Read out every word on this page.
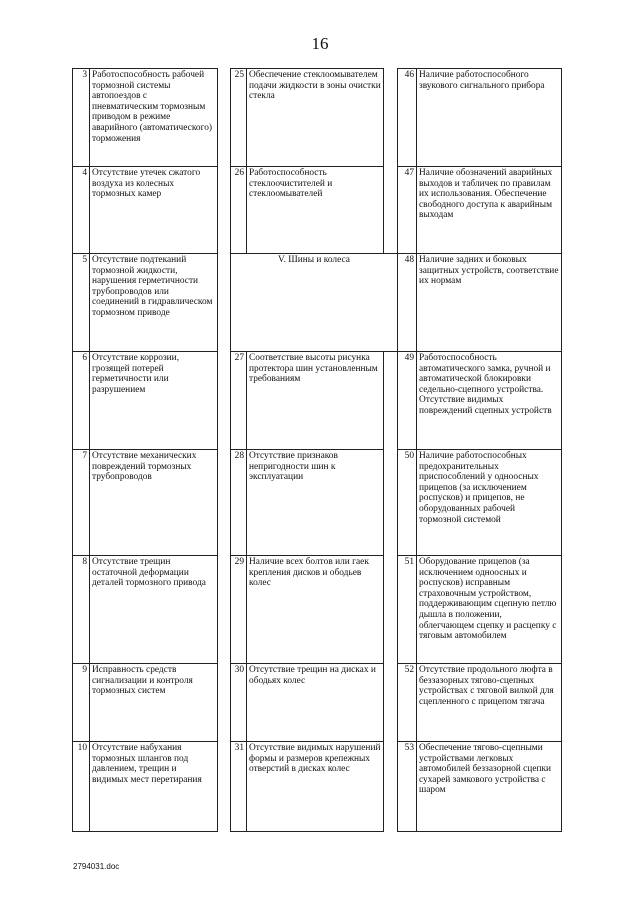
16
3	Работоспособность рабочей тормозной системы автопоездов с пневматическим тормозным приводом в режиме аварийного (автоматического) торможения		25	Обеспечение стеклоомывателем подачи жидкости в зоны очистки стекла		46	Наличие работоспособного звукового сигнального прибора
4	Отсутствие утечек сжатого воздуха из колесных тормозных камер		26	Работоспособность стеклоочистителей и стеклоомывателей		47	Наличие обозначений аварийных выходов и табличек по правилам их использования. Обеспечение свободного доступа к аварийным выходам
5	Отсутствие подтеканий тормозной жидкости, нарушения герметичности трубопроводов или соединений в гидравлическом тормозном приводе		V. Шины и колеса			48	Наличие задних и боковых защитных устройств, соответствие их нормам
6	Отсутствие коррозии, грозящей потерей герметичности или разрушением		27	Соответствие высоты рисунка протектора шин установленным требованиям		49	Работоспособность автоматического замка, ручной и автоматической блокировки седельно-сцепного устройства. Отсутствие видимых повреждений сцепных устройств
7	Отсутствие механических повреждений тормозных трубопроводов		28	Отсутствие признаков непригодности шин к эксплуатации		50	Наличие работоспособных предохранительных приспособлений у одноосных прицепов (за исключением роспусков) и прицепов, не оборудованных рабочей тормозной системой
8	Отсутствие трещин остаточной деформации деталей тормозного привода		29	Наличие всех болтов или гаек крепления дисков и ободьев колес		51	Оборудование прицепов (за исключением одноосных и роспусков) исправным страховочным устройством, поддерживающим сцепную петлю дышла в положении, облегчающем сцепку и расцепку с тяговым автомобилем
9	Исправность средств сигнализации и контроля тормозных систем		30	Отсутствие трещин на дисках и ободьях колес		52	Отсутствие продольного люфта в беззазорных тягово-сцепных устройствах с тяговой вилкой для сцепленного с прицепом тягача
10	Отсутствие набухания тормозных шлангов под давлением, трещин и видимых мест перетирания		31	Отсутствие видимых нарушений формы и размеров крепежных отверстий в дисках колес		53	Обеспечение тягово-сцепными устройствами легковых автомобилей беззазорной сцепки сухарей замкового устройства с шаром
2794031.doc
